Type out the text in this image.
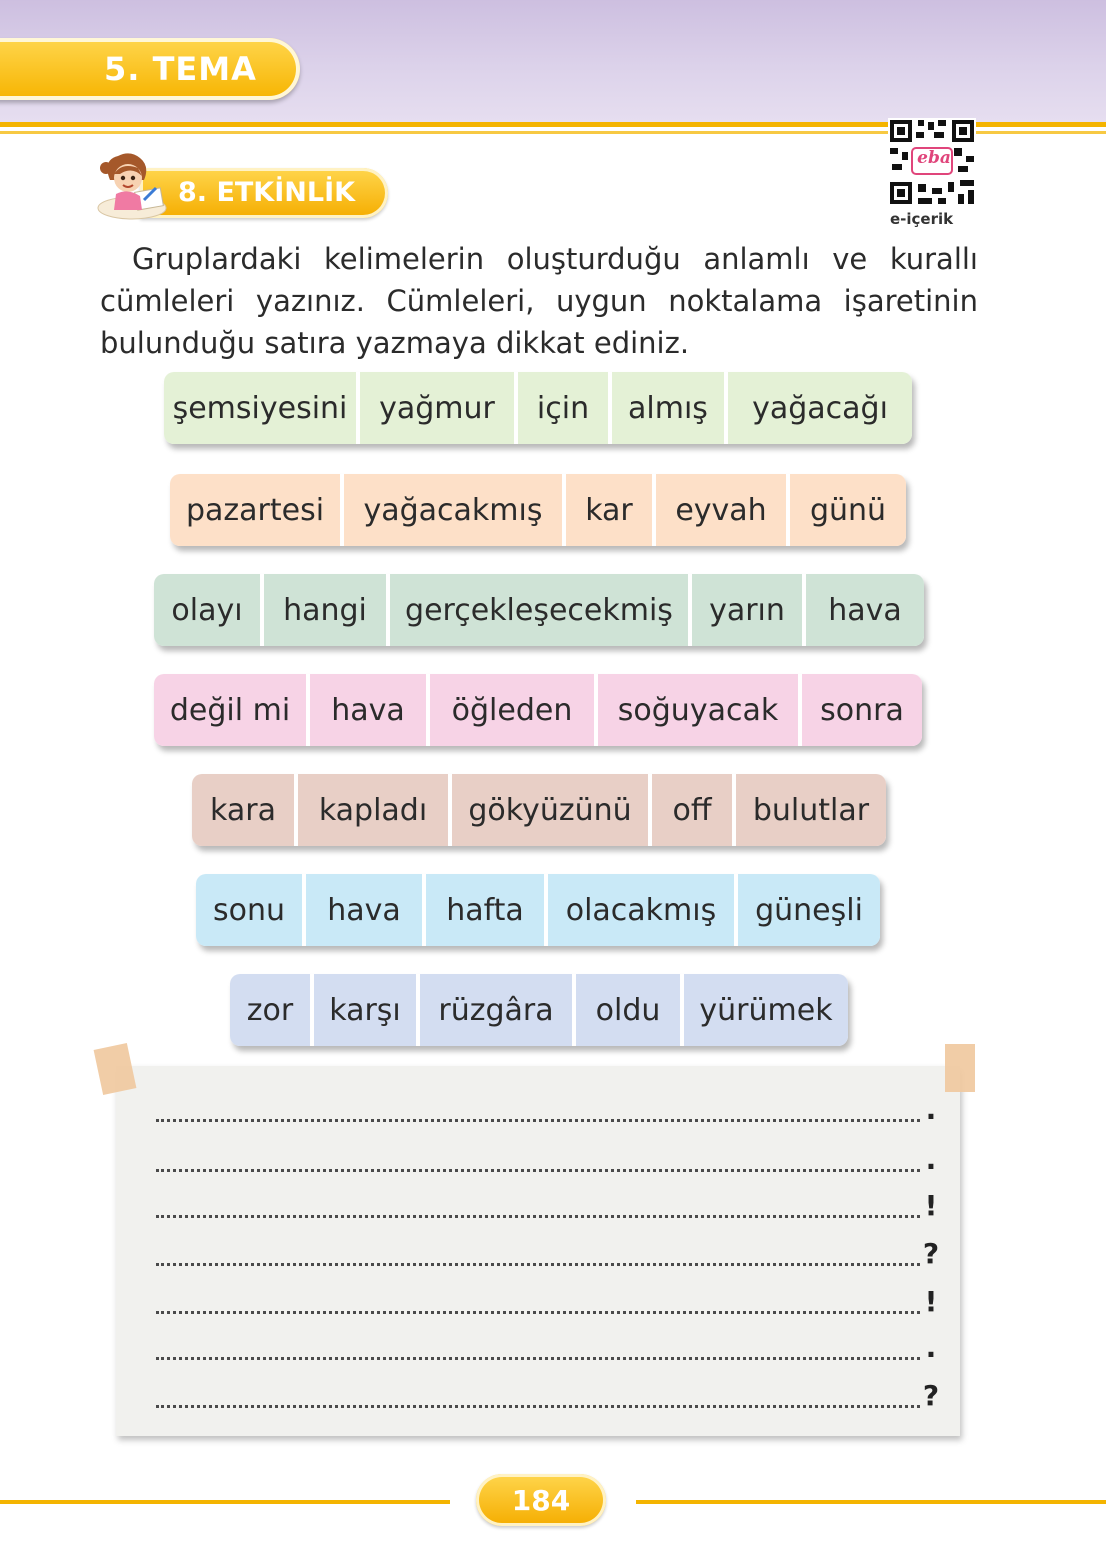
5. TEMA
8. ETKİNLİK
eba
e-içerik
Gruplardaki kelimelerin oluşturduğu anlamlı ve kurallı cümleleri yazınız. Cümleleri, uygun noktalama işaretinin bulunduğu satıra yazmaya dikkat ediniz.
şemsiyesini	yağmur	için	almış	yağacağı
pazartesi	yağacakmış	kar	eyvah	günü
olayı	hangi	gerçekleşecekmiş	yarın	hava
değil mi	hava	öğleden	soğuyacak	sonra
kara	kapladı	gökyüzünü	off	bulutlar
sonu	hava	hafta	olacakmış	güneşli
zor	karşı	rüzgâra	oldu	yürümek
.
.
!
?
!
.
?
184
